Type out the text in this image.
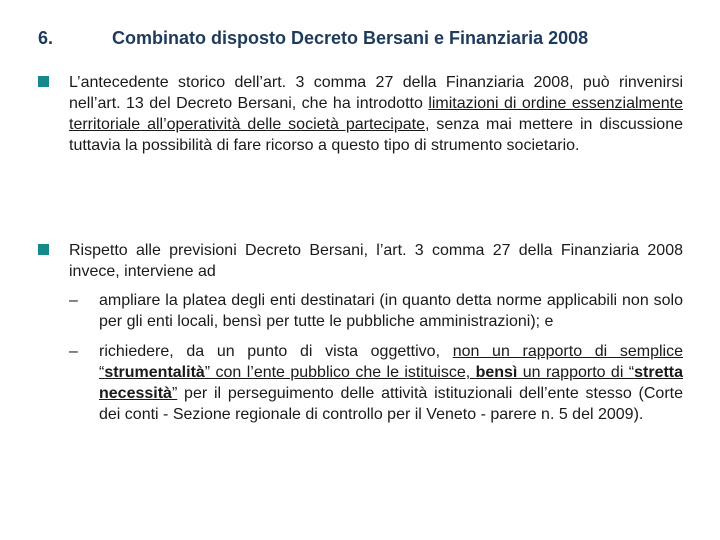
6.	Combinato disposto Decreto Bersani e Finanziaria 2008
L’antecedente storico dell’art. 3 comma 27 della Finanziaria 2008, può rinvenirsi nell’art. 13 del Decreto Bersani, che ha introdotto limitazioni di ordine essenzialmente territoriale all’operatività delle società partecipate, senza mai mettere in discussione tuttavia la possibilità di fare ricorso a questo tipo di strumento societario.
Rispetto alle previsioni Decreto Bersani, l’art. 3 comma 27 della Finanziaria 2008 invece, interviene ad
– ampliare la platea degli enti destinatari (in quanto detta norme applicabili non solo per gli enti locali, bensì per tutte le pubbliche amministrazioni); e
– richiedere, da un punto di vista oggettivo, non un rapporto di semplice “strumentalità” con l’ente pubblico che le istituisce, bensì un rapporto di “stretta necessità” per il perseguimento delle attività istituzionali dell’ente stesso (Corte dei conti - Sezione regionale di controllo per il Veneto - parere n. 5 del 2009).
